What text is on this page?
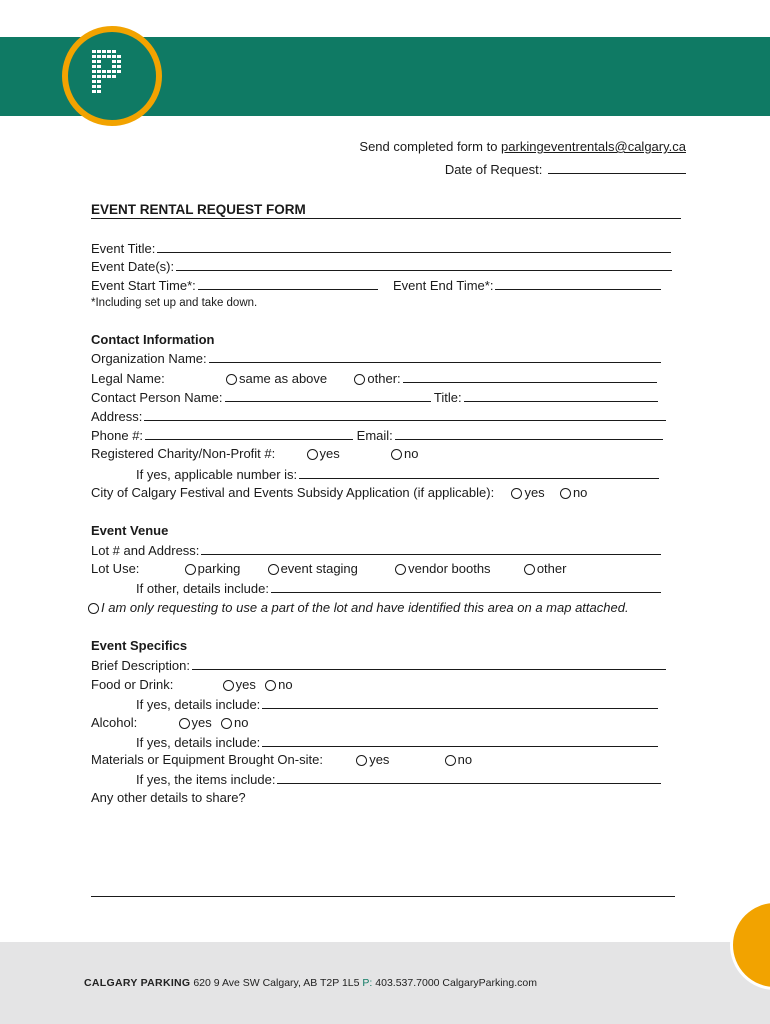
Send completed form to parkingeventrentals@calgary.ca
Date of Request:
EVENT RENTAL REQUEST FORM
Event Title:
Event Date(s):
Event Start Time*:	Event End Time*:
*Including set up and take down.
Contact Information
Organization Name:
Legal Name:	same as above	other:
Contact Person Name:	Title:
Address:
Phone #:	Email:
Registered Charity/Non-Profit #:	yes	no
If yes, applicable number is:
City of Calgary Festival and Events Subsidy Application (if applicable): yes no
Event Venue
Lot # and Address:
Lot Use:	parking	event staging	vendor booths	other
If other, details include:
I am only requesting to use a part of the lot and have identified this area on a map attached.
Event Specifics
Brief Description:
Food or Drink:	yes no
If yes, details include:
Alcohol:	yes no
If yes, details include:
Materials or Equipment Brought On-site:	yes	no
If yes, the items include:
Any other details to share?
CALGARY PARKING 620 9 Ave SW Calgary, AB T2P 1L5 P: 403.537.7000 CalgaryParking.com
